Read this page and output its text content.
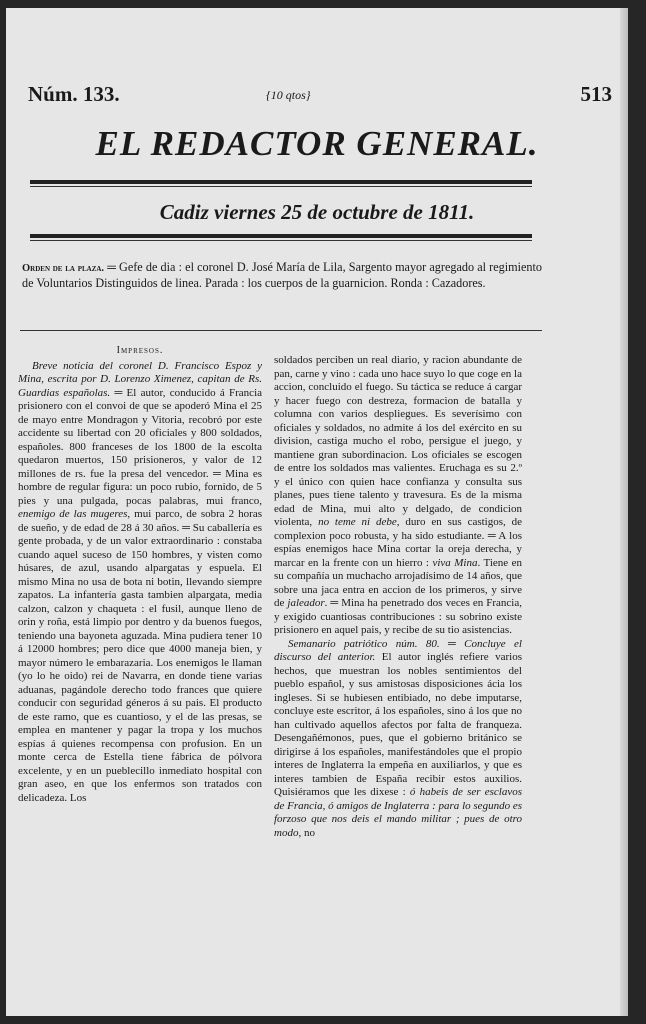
Núm. 133.	{10 qtos}	513
EL REDACTOR GENERAL.
Cadiz viernes 25 de octubre de 1811.
Orden de la plaza. ═ Gefe de dia : el coronel D. José María de Lila, Sargento mayor agregado al regimiento de Voluntarios Distinguidos de linea. Parada : los cuerpos de la guarnicion. Ronda : Cazadores.
Impresos.

Breve noticia del coronel D. Francisco Espoz y Mina, escrita por D. Lorenzo Ximenez, capitan de Rs. Guardias españolas. ═ El autor, conducido á Francia prisionero con el convoi de que se apoderó Mina el 25 de mayo entre Mondragon y Vitoria, recobró por este accidente su libertad con 20 oficiales y 800 soldados, españoles. 800 franceses de los 1800 de la escolta quedaron muertos, 150 prisioneros, y valor de 12 millones de rs. fue la presa del vencedor. ═ Mina es hombre de regular figura: un poco rubio, fornido, de 5 pies y una pulgada, pocas palabras, mui franco, enemigo de las mugeres, mui parco, de sobra 2 horas de sueño, y de edad de 28 á 30 años. ═ Su caballería es gente probada, y de un valor extraordinario : constaba cuando aquel suceso de 150 hombres, y visten como húsares, de azul, usando alpargatas y espuela. El mismo Mina no usa de bota ni botin, llevando siempre zapatos. La infantería gasta tambien alpargata, media calzon, calzon y chaqueta : el fusil, aunque lleno de orin y roña, está limpio por dentro y da buenos fuegos, teniendo una bayoneta aguzada. Mina pudiera tener 10 á 12000 hombres; pero dice que 4000 maneja bien, y mayor número le embarazaria. Los enemigos le llaman (yo lo he oido) rei de Navarra, en donde tiene varias aduanas, pagándole derecho todo frances que quiere conducir con seguridad géneros á su pais. El producto de este ramo, que es cuantioso, y el de las presas, se emplea en mantener y pagar la tropa y los muchos espías á quienes recompensa con profusion. En un monte cerca de Estella tiene fábrica de pólvora excelente, y en un pueblecillo inmediato hospital con gran aseo, en que los enfermos son tratados con delicadeza. Los

soldados perciben un real diario, y racion abundante de pan, carne y vino : cada uno hace suyo lo que coge en la accion, concluido el fuego. Su táctica se reduce á cargar y hacer fuego con destreza, formacion de batalla y columna con varios despliegues. Es severísimo con oficiales y soldados, no admite á los del exército en su division, castiga mucho el robo, persigue el juego, y mantiene gran subordinacion. Los oficiales se escogen de entre los soldados mas valientes. Eruchaga es su 2.º y el único con quien hace confianza y consulta sus planes, pues tiene talento y travesura. Es de la misma edad de Mina, mui alto y delgado, de condicion violenta, no teme ni debe, duro en sus castigos, de complexion poco robusta, y ha sido estudiante. ═ A los espías enemigos hace Mina cortar la oreja derecha, y marcar en la frente con un hierro : viva Mina. Tiene en su compañía un muchacho arrojadísimo de 14 años, que sobre una jaca entra en accion de los primeros, y sirve de jaleador. ═ Mina ha penetrado dos veces en Francia, y exigido cuantiosas contribuciones : su sobrino existe prisionero en aquel pais, y recibe de su tio asistencias.

Semanario patriótico núm. 80. ═ Concluye el discurso del anterior. El autor inglés refiere varios hechos, que muestran los nobles sentimientos del pueblo español, y sus amistosas disposiciones ácia los ingleses. Si se hubiesen entibiado, no debe imputarse, concluye este escritor, á los españoles, sino á los que no han cultivado aquellos afectos por falta de franqueza. Desengañémonos, pues, que el gobierno británico se dirigirse á los españoles, manifestándoles que el propio interes de Inglaterra la empeña en auxiliarlos, y que es interes tambien de España recibir estos auxilios. Quisiéramos que les dixese : ó habeis de ser esclavos de Francia, ó amigos de Inglaterra : para lo segundo es forzoso que nos deis el mando militar ; pues de otro modo, no
